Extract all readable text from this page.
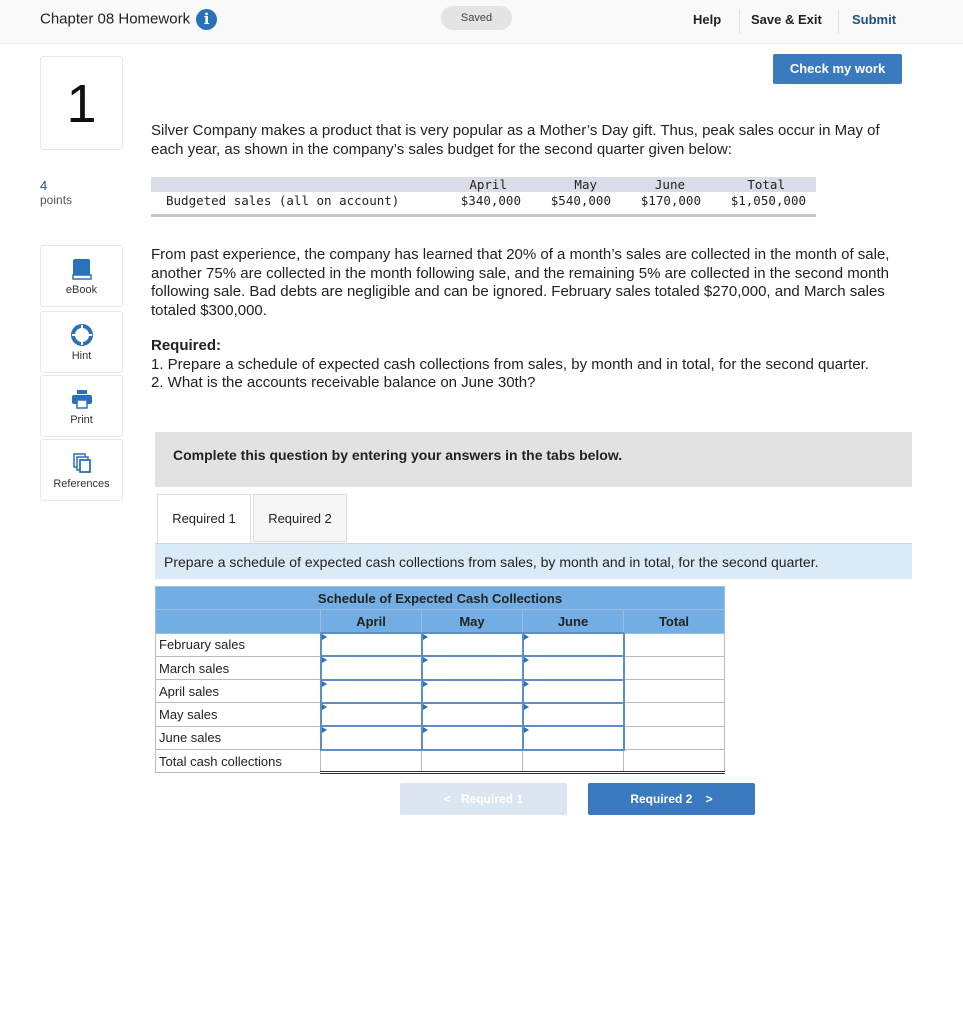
Chapter 08 Homework i	Saved	Help Save & Exit Submit
Check my work
1
4
points
eBook
Hint
Print
References
Silver Company makes a product that is very popular as a Mother’s Day gift. Thus, peak sales occur in May of each year, as shown in the company’s sales budget for the second quarter given below:
April	May	June	Total
Budgeted sales (all on account)	$340,000	$540,000	$170,000	$1,050,000
From past experience, the company has learned that 20% of a month’s sales are collected in the month of sale, another 75% are collected in the month following sale, and the remaining 5% are collected in the second month following sale. Bad debts are negligible and can be ignored. February sales totaled $270,000, and March sales totaled $300,000.
Required:
1. Prepare a schedule of expected cash collections from sales, by month and in total, for the second quarter.
2. What is the accounts receivable balance on June 30th?
Complete this question by entering your answers in the tabs below.
Required 1	Required 2
Prepare a schedule of expected cash collections from sales, by month and in total, for the second quarter.
Schedule of Expected Cash Collections				
	April	May	June	Total
February sales				
March sales				
April sales				
May sales				
June sales				
Total cash collections				
<   Required 1	Required 2    >
